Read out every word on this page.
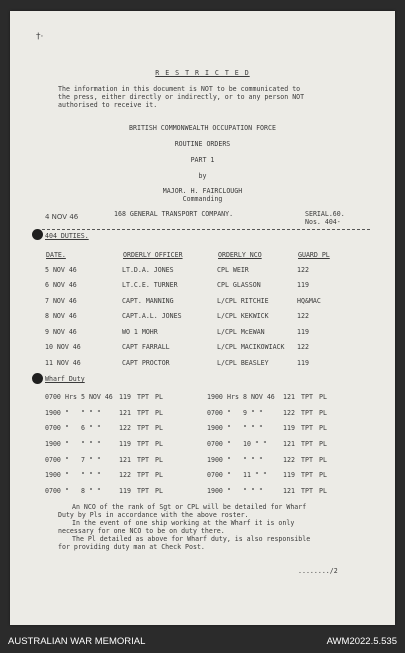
†·
R E S T R I C T E D
The information in this document is NOT to be communicated to
the press, either directly or indirectly, or to any person NOT
authorised to receive it.
BRITISH COMMONWEALTH OCCUPATION FORCE
ROUTINE ORDERS
PART 1
by
MAJOR. H. FAIRCLOUGH
Commanding
4 NOV 46	168 GENERAL TRANSPORT COMPANY.	SERIAL.60.
Nos. 404-
404 DUTIES.
DATE.	ORDERLY OFFICER	ORDERLY NCO	GUARD PL
5 NOV 46	LT.D.A. JONES	CPL WEIR	122
6 NOV 46	LT.C.E. TURNER	CPL GLASSON	119
7 NOV 46	CAPT. MANNING	L/CPL RITCHIE	HQ&MAC
8 NOV 46	CAPT.A.L. JONES	L/CPL KEKWICK	122
9 NOV 46	WO 1 MOHR	L/CPL McEWAN	119
10 NOV 46	CAPT FARRALL	L/CPL MACIKOWIACK	122
11 NOV 46	CAPT PROCTOR	L/CPL BEASLEY	119
Wharf Duty
0700	Hrs	5 NOV 46	119	TPT	PL	1900	Hrs	8 NOV 46	121	TPT	PL
1900	"	" " "	121	TPT	PL	0700	"	9 " "	122	TPT	PL
0700	"	6 " "	122	TPT	PL	1900	"	" " "	119	TPT	PL
1900	"	" " "	119	TPT	PL	0700	"	10 " "	121	TPT	PL
0700	"	7 " "	121	TPT	PL	1900	"	" " "	122	TPT	PL
1900	"	" " "	122	TPT	PL	0700	"	11 " "	119	TPT	PL
0700	"	8 " "	119	TPT	PL	1900	"	" " "	121	TPT	PL
An NCO of the rank of Sgt or CPL will be detailed for Wharf
Duty by Pls in accordance with the above roster.
In the event of one ship working at the Wharf it is only
necessary for one NCO to be on duty there.
The Pl detailed as above for Wharf duty, is also responsible
for providing duty man at Check Post.
......../2
AUSTRALIAN WAR MEMORIAL	AWM2022.5.535
